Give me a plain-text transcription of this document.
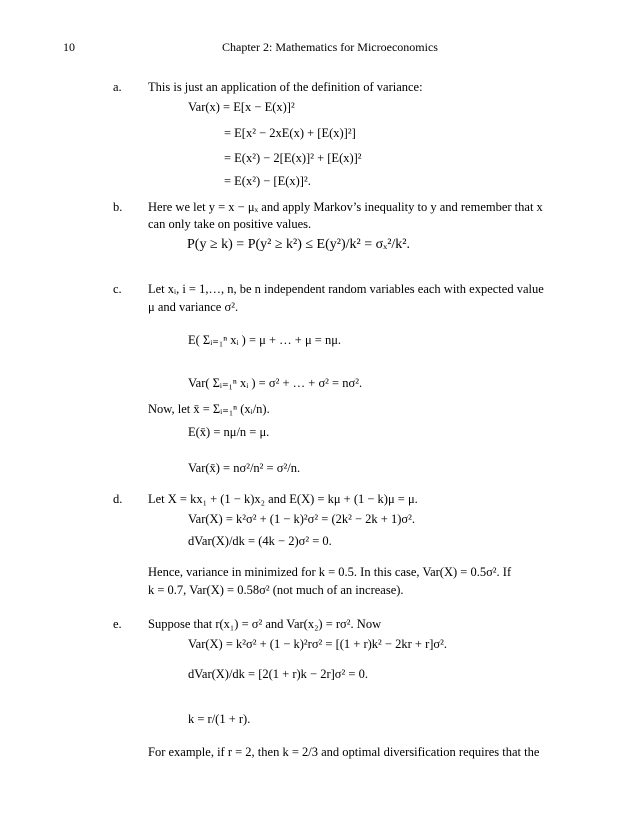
10	Chapter 2: Mathematics for Microeconomics
a. This is just an application of the definition of variance:
Var(x) = E[x − E(x)]²
= E[x² − 2xE(x) + [E(x)]²]
= E(x²) − 2[E(x)]² + [E(x)]²
= E(x²) − [E(x)]².
b. Here we let y = x − μₓ and apply Markov’s inequality to y and remember that x
can only take on positive values.
P(y ≥ k) = P(y² ≥ k²) ≤ E(y²)/k² = σₓ²/k².
c. Let xᵢ, i = 1,…, n, be n independent random variables each with expected value
μ and variance σ².
E( Σᵢ₌₁ⁿ xᵢ ) = μ + … + μ = nμ.
Var( Σᵢ₌₁ⁿ xᵢ ) = σ² + … + σ² = nσ².
Now, let x̄ = Σᵢ₌₁ⁿ (xᵢ/n).
E(x̄) = nμ/n = μ.
Var(x̄) = nσ²/n² = σ²/n.
d. Let X = kx₁ + (1 − k)x₂ and E(X) = kμ + (1 − k)μ = μ.
Var(X) = k²σ² + (1 − k)²σ² = (2k² − 2k + 1)σ².
dVar(X)/dk = (4k − 2)σ² = 0.
Hence, variance in minimized for k = 0.5. In this case, Var(X) = 0.5σ². If
k = 0.7, Var(X) = 0.58σ² (not much of an increase).
e. Suppose that r(x₁) = σ² and Var(x₂) = rσ². Now
Var(X) = k²σ² + (1 − k)²rσ² = [(1 + r)k² − 2kr + r]σ².
dVar(X)/dk = [2(1 + r)k − 2r]σ² = 0.
k = r/(1 + r).
For example, if r = 2, then k = 2/3 and optimal diversification requires that the
